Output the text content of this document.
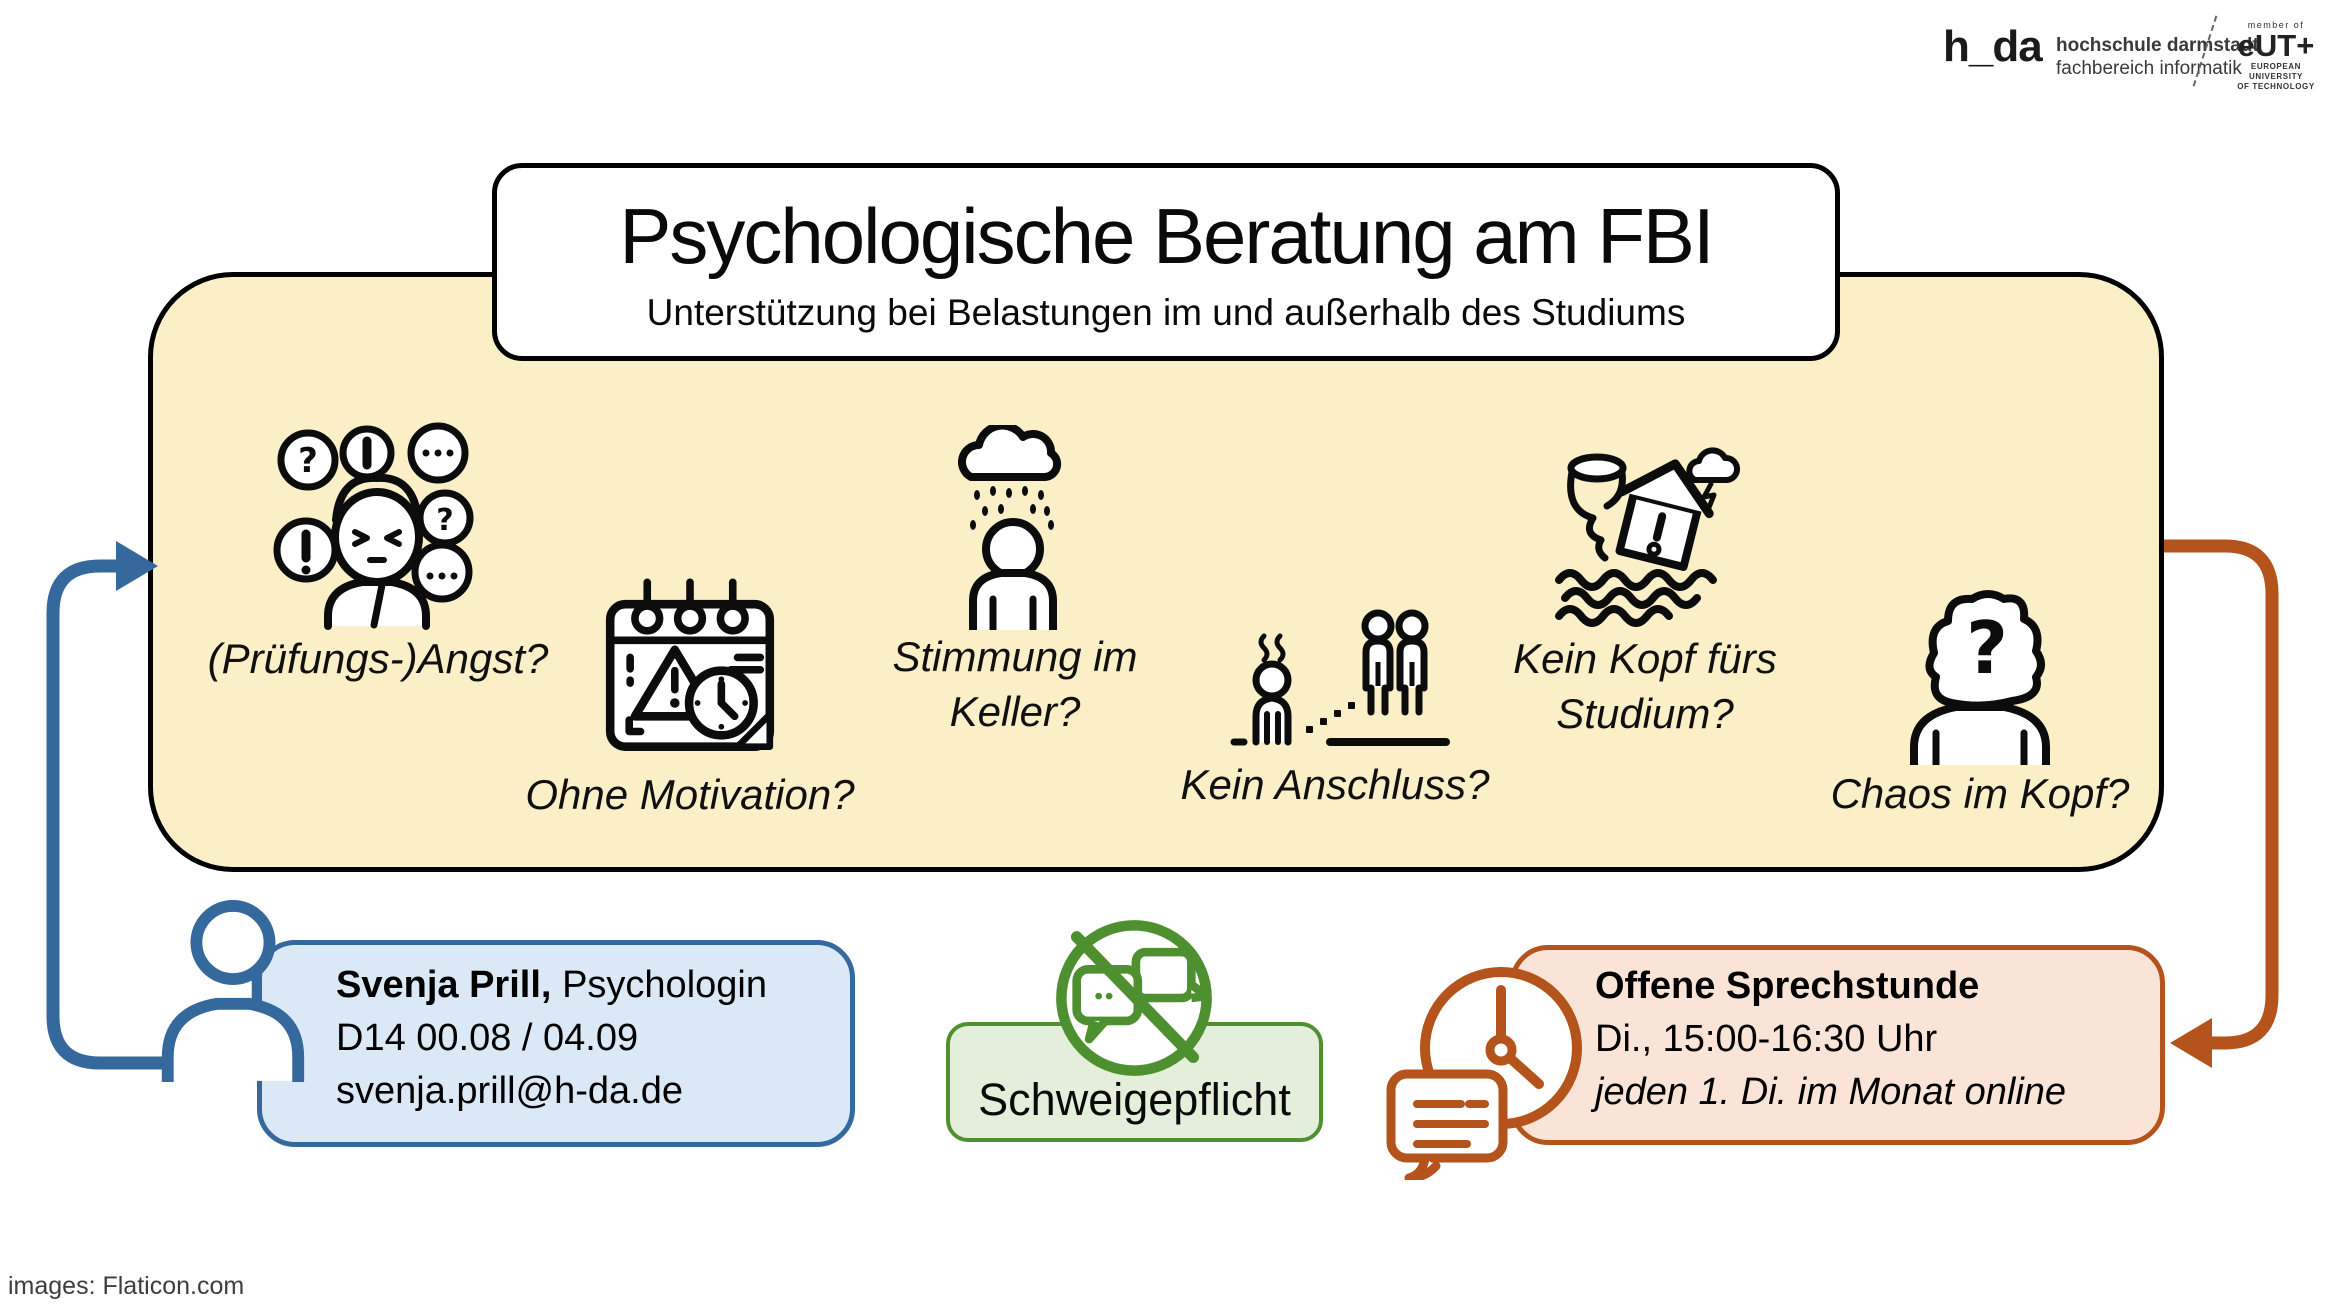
h_da hochschule darmstadt
fachbereich informatik
member of
eUT+
EUROPEAN UNIVERSITY
OF TECHNOLOGY
Psychologische Beratung am FBI
Unterstützung bei Belastungen im und außerhalb des Studiums
?
?
(Prüfungs-)Angst?
Ohne Motivation?
Stimmung im Keller?
Kein Anschluss?
Kein Kopf fürs Studium?
?
Chaos im Kopf?
Svenja Prill, Psychologin
D14 00.08 / 04.09
svenja.prill@h-da.de	Schweigepflicht
Offene Sprechstunde
Di., 15:00-16:30 Uhr
jeden 1. Di. im Monat online
images: Flaticon.com
